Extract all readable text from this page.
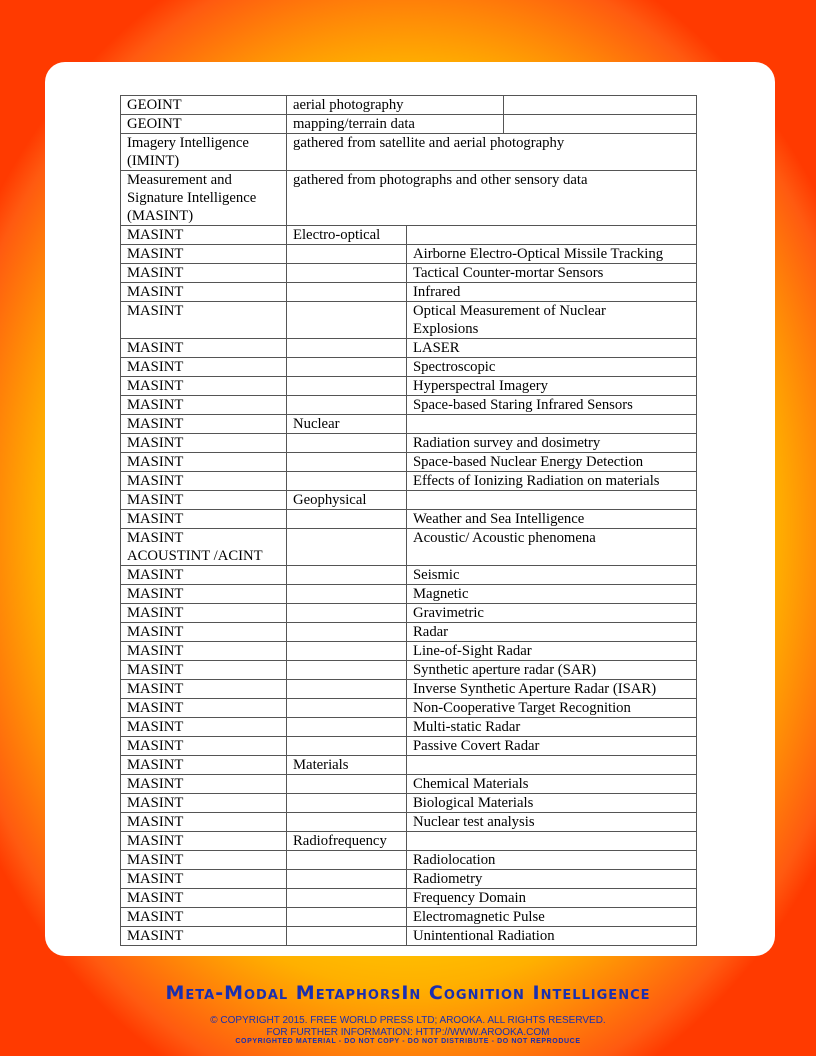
GEOINT	aerial photography		

GEOINT	mapping/terrain data		

Imagery Intelligence
(IMINT)	gathered from satellite and aerial photography		

Measurement and
Signature Intelligence
(MASINT)	gathered from photographs and other sensory data		

MASINT	Electro-optical		

MASINT		Airborne Electro-Optical Missile Tracking	

MASINT		Tactical Counter-mortar Sensors	

MASINT		Infrared	

MASINT		Optical Measurement of Nuclear
Explosions	

MASINT		LASER	

MASINT		Spectroscopic	

MASINT		Hyperspectral Imagery	

MASINT		Space-based Staring Infrared Sensors	

MASINT	Nuclear		

MASINT		Radiation survey and dosimetry	

MASINT		Space-based Nuclear Energy Detection	

MASINT		Effects of Ionizing Radiation on materials	

MASINT	Geophysical		

MASINT		Weather and Sea Intelligence	

MASINT
ACOUSTINT /ACINT		Acoustic/ Acoustic phenomena	

MASINT		Seismic	

MASINT		Magnetic	

MASINT		Gravimetric	

MASINT		Radar	

MASINT		Line-of-Sight Radar	

MASINT		Synthetic aperture radar (SAR)	

MASINT		Inverse Synthetic Aperture Radar (ISAR)	

MASINT		Non-Cooperative Target Recognition	

MASINT		Multi-static Radar	

MASINT		Passive Covert Radar	

MASINT	Materials		

MASINT		Chemical Materials	

MASINT		Biological Materials	

MASINT		Nuclear test analysis	

MASINT	Radiofrequency		

MASINT		Radiolocation	

MASINT		Radiometry	

MASINT		Frequency Domain	

MASINT		Electromagnetic Pulse	

MASINT		Unintentional Radiation	
Meta-Modal MetaphorsIn Cognition Intelligence
© COPYRIGHT 2015. FREE WORLD PRESS LTD; AROOKA. ALL RIGHTS RESERVED.
FOR FURTHER INFORMATION: HTTP://WWW.AROOKA.COM
COPYRIGHTED MATERIAL - DO NOT COPY - DO NOT DISTRIBUTE - DO NOT REPRODUCE
